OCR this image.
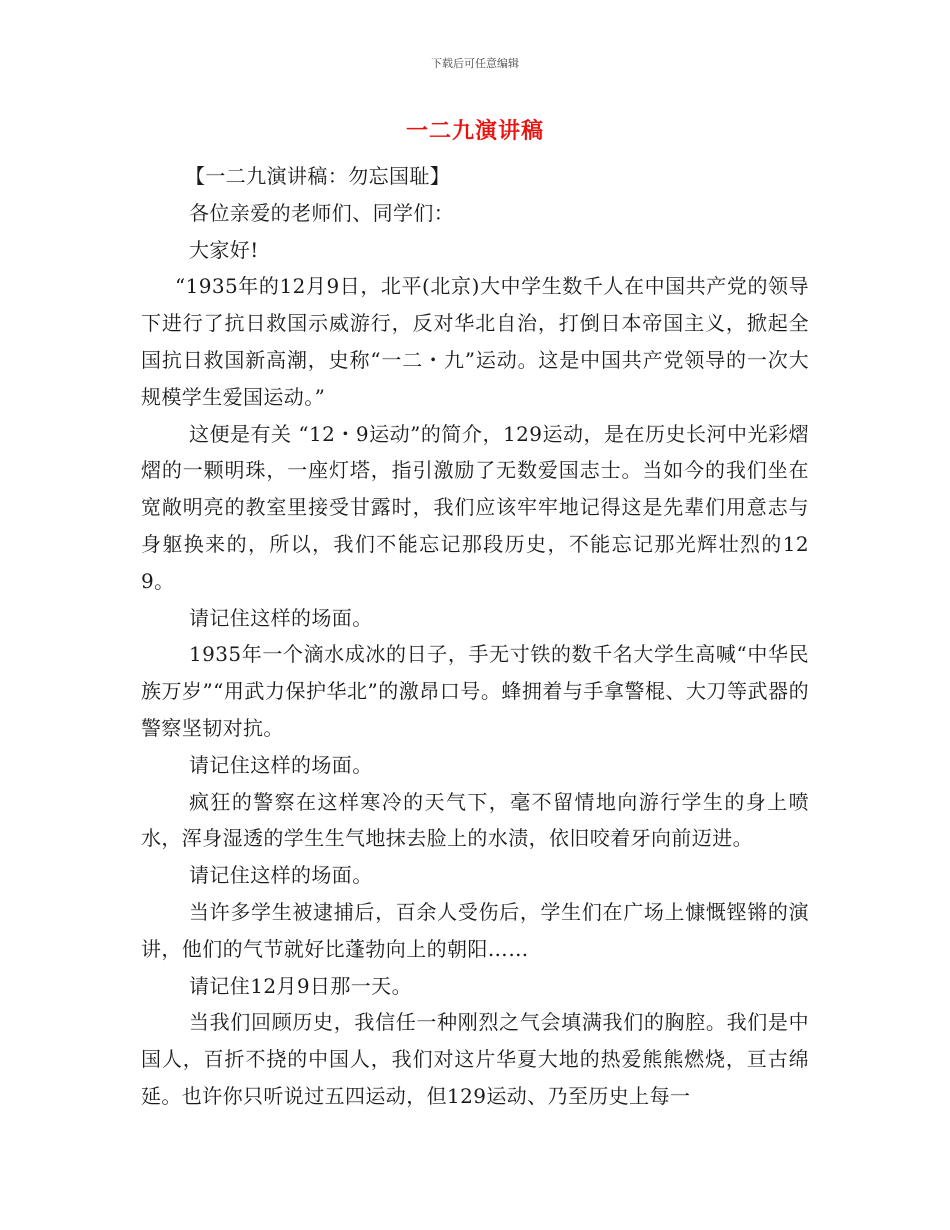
下载后可任意编辑
一二九演讲稿

【一二九演讲稿：勿忘国耻】

各位亲爱的老师们、同学们：

大家好!

“1935年的12月9日，北平(北京)大中学生数千人在中国共产党的领导下进行了抗日救国示威游行，反对华北自治，打倒日本帝国主义，掀起全国抗日救国新高潮，史称“一二・九”运动。这是中国共产党领导的一次大规模学生爱国运动。”

这便是有关 “12・9运动”的简介，129运动，是在历史长河中光彩熠熠的一颗明珠，一座灯塔，指引激励了无数爱国志士。当如今的我们坐在宽敞明亮的教室里接受甘露时，我们应该牢牢地记得这是先辈们用意志与身躯换来的，所以，我们不能忘记那段历史，不能忘记那光辉壮烈的129。

请记住这样的场面。

1935年一个滴水成冰的日子，手无寸铁的数千名大学生高喊“中华民族万岁”“用武力保护华北”的激昂口号。蜂拥着与手拿警棍、大刀等武器的警察坚韧对抗。

请记住这样的场面。

疯狂的警察在这样寒冷的天气下，毫不留情地向游行学生的身上喷水，浑身湿透的学生生气地抹去脸上的水渍，依旧咬着牙向前迈进。

请记住这样的场面。

当许多学生被逮捕后，百余人受伤后，学生们在广场上慷慨铿锵的演讲，他们的气节就好比蓬勃向上的朝阳……

请记住12月9日那一天。

当我们回顾历史，我信任一种刚烈之气会填满我们的胸腔。我们是中国人，百折不挠的中国人，我们对这片华夏大地的热爱熊熊燃烧，亘古绵延。也许你只听说过五四运动，但129运动、乃至历史上每一
